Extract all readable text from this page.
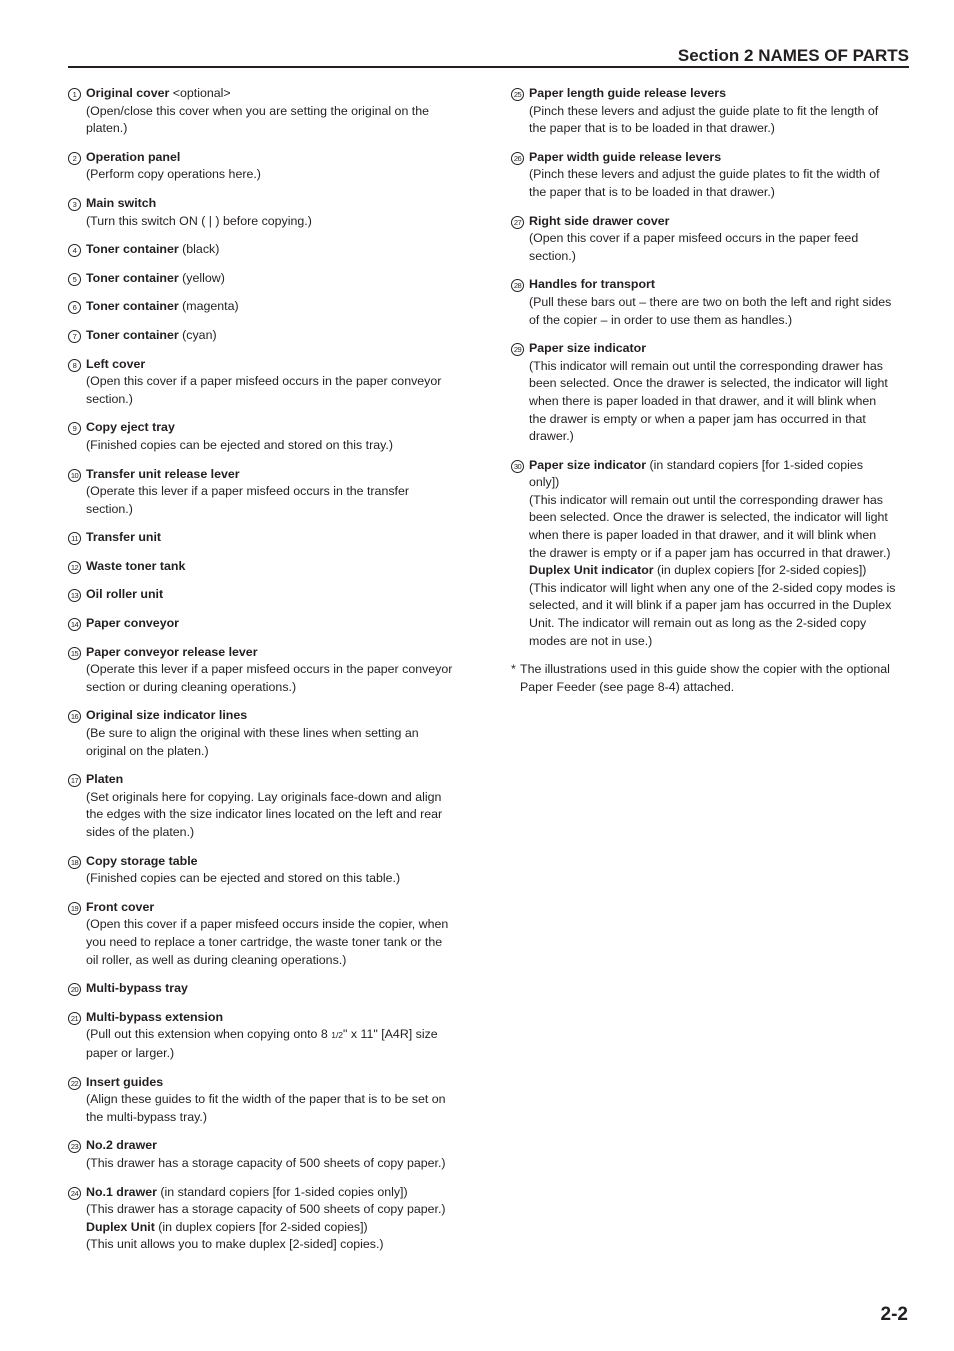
Section 2 NAMES OF PARTS
1 Original cover <optional>
(Open/close this cover when you are setting the original on the
platen.)
2 Operation panel
(Perform copy operations here.)
3 Main switch
(Turn this switch ON ( | ) before copying.)
4 Toner container (black)
5 Toner container (yellow)
6 Toner container (magenta)
7 Toner container (cyan)
8 Left cover
(Open this cover if a paper misfeed occurs in the paper conveyor
section.)
9 Copy eject tray
(Finished copies can be ejected and stored on this tray.)
10 Transfer unit release lever
(Operate this lever if a paper misfeed occurs in the transfer
section.)
11 Transfer unit
12 Waste toner tank
13 Oil roller unit
14 Paper conveyor
15 Paper conveyor release lever
(Operate this lever if a paper misfeed occurs in the paper conveyor
section or during cleaning operations.)
16 Original size indicator lines
(Be sure to align the original with these lines when setting an
original on the platen.)
17 Platen
(Set originals here for copying. Lay originals face-down and align
the edges with the size indicator lines located on the left and rear
sides of the platen.)
18 Copy storage table
(Finished copies can be ejected and stored on this table.)
19 Front cover
(Open this cover if a paper misfeed occurs inside the copier, when
you need to replace a toner cartridge, the waste toner tank or the
oil roller, as well as during cleaning operations.)
20 Multi-bypass tray
21 Multi-bypass extension
(Pull out this extension when copying onto 8 1/2" x 11" [A4R] size
paper or larger.)
22 Insert guides
(Align these guides to fit the width of the paper that is to be set on
the multi-bypass tray.)
23 No.2 drawer
(This drawer has a storage capacity of 500 sheets of copy paper.)
24 No.1 drawer (in standard copiers [for 1-sided copies only])
(This drawer has a storage capacity of 500 sheets of copy paper.)
Duplex Unit (in duplex copiers [for 2-sided copies])
(This unit allows you to make duplex [2-sided] copies.)
25 Paper length guide release levers
(Pinch these levers and adjust the guide plate to fit the length of
the paper that is to be loaded in that drawer.)
26 Paper width guide release levers
(Pinch these levers and adjust the guide plates to fit the width of
the paper that is to be loaded in that drawer.)
27 Right side drawer cover
(Open this cover if a paper misfeed occurs in the paper feed
section.)
28 Handles for transport
(Pull these bars out – there are two on both the left and right sides
of the copier – in order to use them as handles.)
29 Paper size indicator
(This indicator will remain out until the corresponding drawer has
been selected. Once the drawer is selected, the indicator will light
when there is paper loaded in that drawer, and it will blink when
the drawer is empty or when a paper jam has occurred in that
drawer.)
30 Paper size indicator (in standard copiers [for 1-sided copies
only])
(This indicator will remain out until the corresponding drawer has
been selected. Once the drawer is selected, the indicator will light
when there is paper loaded in that drawer, and it will blink when
the drawer is empty or if a paper jam has occurred in that drawer.)
Duplex Unit indicator (in duplex copiers [for 2-sided copies])
(This indicator will light when any one of the 2-sided copy modes is
selected, and it will blink if a paper jam has occurred in the Duplex
Unit. The indicator will remain out as long as the 2-sided copy
modes are not in use.)
* The illustrations used in this guide show the copier with the optional
Paper Feeder (see page 8-4) attached.
2-2
